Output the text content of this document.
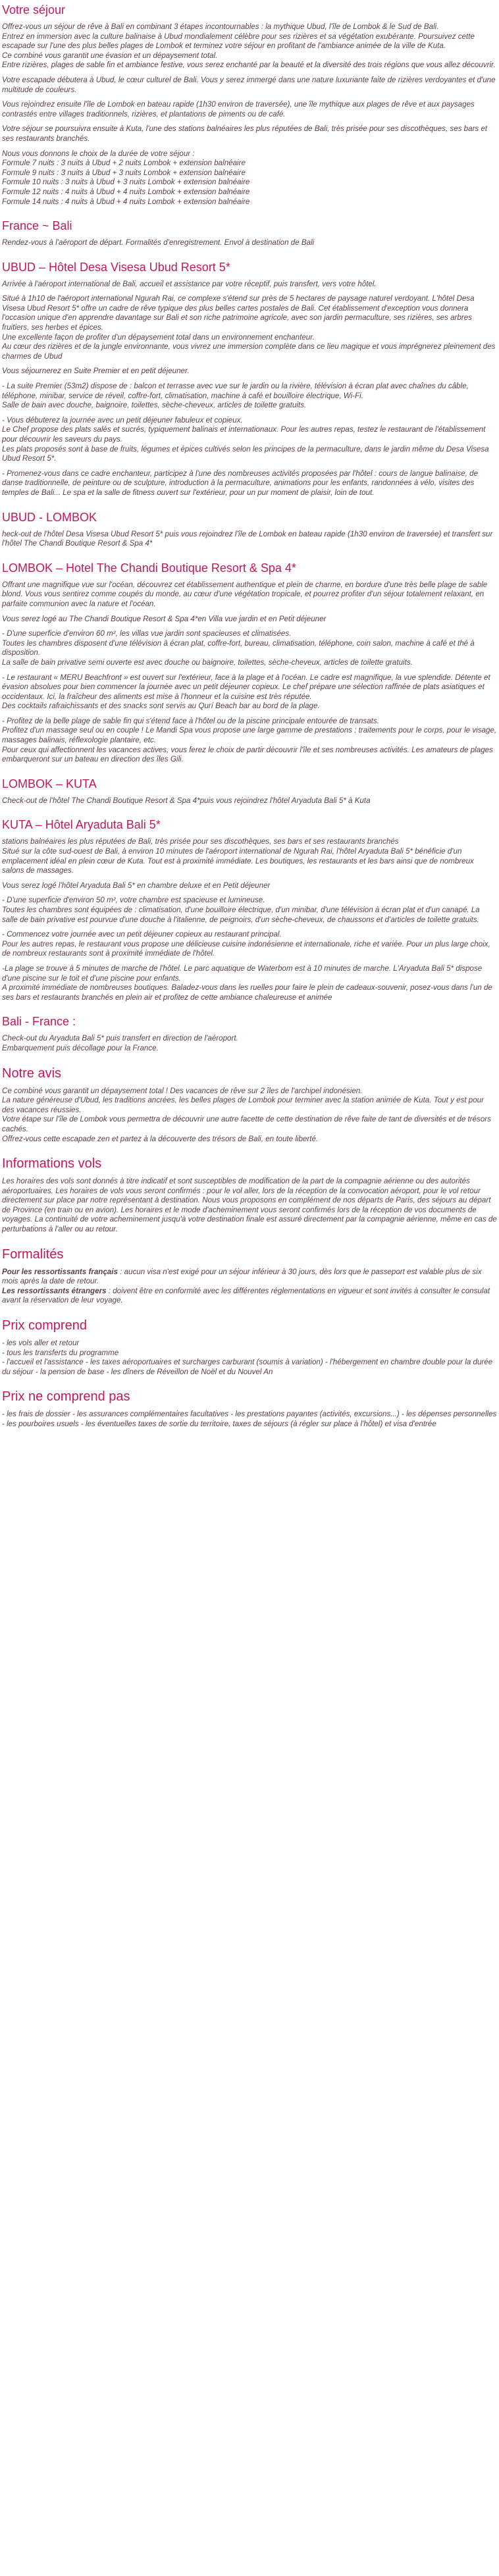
Votre séjour

Offrez-vous un séjour de rêve à Bali en combinant 3 étapes incontournables : la mythique Ubud, l'île de Lombok & le Sud de Bali.
Entrez en immersion avec la culture balinaise à Ubud mondialement célèbre pour ses rizières et sa végétation exubérante. Poursuivez cette escapade sur l'une des plus belles plages de Lombok et terminez votre séjour en profitant de l'ambiance animée de la ville de Kuta.
Ce combiné vous garantit une évasion et un dépaysement total.
Entre rizières, plages de sable fin et ambiance festive, vous serez enchanté par la beauté et la diversité des trois régions que vous allez découvrir.

Votre escapade débutera à Ubud, le cœur culturel de Bali. Vous y serez immergé dans une nature luxuriante faite de rizières verdoyantes et d'une multitude de couleurs.

Vous rejoindrez ensuite l'île de Lombok en bateau rapide (1h30 environ de traversée), une île mythique aux plages de rêve et aux paysages contrastés entre villages traditionnels, rizières, et plantations de piments ou de café.

Votre séjour se poursuivra ensuite à Kuta, l'une des stations balnéaires les plus réputées de Bali, très prisée pour ses discothèques, ses bars et ses restaurants branchés.

Nous vous donnons le choix de la durée de votre séjour :
Formule 7 nuits : 3 nuits à Ubud + 2 nuits Lombok + extension balnéaire
Formule 9 nuits : 3 nuits à Ubud + 3 nuits Lombok + extension balnéaire
Formule 10 nuits : 3 nuits à Ubud + 3 nuits Lombok + extension balnéaire
Formule 12 nuits : 4 nuits à Ubud + 4 nuits Lombok + extension balnéaire
Formule 14 nuits : 4 nuits à Ubud + 4 nuits Lombok + extension balnéaire

France ~ Bali

Rendez-vous à l'aéroport de départ. Formalités d'enregistrement. Envol à destination de Bali

UBUD – Hôtel Desa Visesa Ubud Resort 5*

Arrivée à l'aéroport international de Bali, accueil et assistance par votre réceptif, puis transfert, vers votre hôtel.

Situé à 1h10 de l'aéroport international Ngurah Rai, ce complexe s'étend sur près de 5 hectares de paysage naturel verdoyant. L'hôtel Desa Visesa Ubud Resort 5* offre un cadre de rêve typique des plus belles cartes postales de Bali. Cet établissement d'exception vous donnera l'occasion unique d'en apprendre davantage sur Bali et son riche patrimoine agricole, avec son jardin permaculture, ses rizières, ses arbres fruitiers, ses herbes et épices.
Une excellente façon de profiter d'un dépaysement total dans un environnement enchanteur.
Au cœur des rizières et de la jungle environnante, vous vivrez une immersion complète dans ce lieu magique et vous imprégnerez pleinement des charmes de Ubud

Vous séjournerez en Suite Premier et en petit déjeuner.

- La suite Premier (53m2) dispose de : balcon et terrasse avec vue sur le jardin ou la rivière, télévision à écran plat avec chaînes du câble, téléphone, minibar, service de réveil, coffre-fort, climatisation, machine à café et bouilloire électrique, Wi-Fi.
Salle de bain avec douche, baignoire, toilettes, sèche-cheveux, articles de toilette gratuits.

- Vous débuterez la journée avec un petit déjeuner fabuleux et copieux.
Le Chef propose des plats salés et sucrés, typiquement balinais et internationaux. Pour les autres repas, testez le restaurant de l'établissement pour découvrir les saveurs du pays.
Les plats proposés sont à base de fruits, légumes et épices cultivés selon les principes de la permaculture, dans le jardin même du Desa Visesa Ubud Resort 5*.

- Promenez-vous dans ce cadre enchanteur, participez à l'une des nombreuses activités proposées par l'hôtel : cours de langue balinaise, de danse traditionnelle, de peinture ou de sculpture, introduction à la permaculture, animations pour les enfants, randonnées à vélo, visites des temples de Bali... Le spa et la salle de fitness ouvert sur l'extérieur, pour un pur moment de plaisir, loin de tout.

UBUD - LOMBOK

heck-out de l'hôtel Desa Visesa Ubud Resort 5* puis vous rejoindrez l'île de Lombok en bateau rapide (1h30 environ de traversée) et transfert sur l'hôtel The Chandi Boutique Resort & Spa 4*

LOMBOK – Hotel The Chandi Boutique Resort & Spa 4*

Offrant une magnifique vue sur l'océan, découvrez cet établissement authentique et plein de charme, en bordure d'une très belle plage de sable blond. Vous vous sentirez comme coupés du monde, au cœur d'une végétation tropicale, et pourrez profiter d'un séjour totalement relaxant, en parfaite communion avec la nature et l'océan.

Vous serez logé au The Chandi Boutique Resort & Spa 4*en Villa vue jardin et en Petit déjeuner

- D'une superficie d'environ 60 m², les villas vue jardin sont spacieuses et climatisées.
Toutes les chambres disposent d'une télévision à écran plat, coffre-fort, bureau, climatisation, téléphone, coin salon, machine à café et thé à disposition.
La salle de bain privative semi ouverte est avec douche ou baignoire, toilettes, sèche-cheveux, articles de toilette gratuits.

- Le restaurant « MERU Beachfront » est ouvert sur l'extérieur, face à la plage et à l'océan. Le cadre est magnifique, la vue splendide. Détente et évasion absolues pour bien commencer la journée avec un petit déjeuner copieux. Le chef prépare une sélection raffinée de plats asiatiques et occidentaux. Ici, la fraîcheur des aliments est mise à l'honneur et la cuisine est très réputée.
Des cocktails rafraichissants et des snacks sont servis au Qurí Beach bar au bord de la plage.

- Profitez de la belle plage de sable fin qui s'étend face à l'hôtel ou de la piscine principale entourée de transats.
Profitez d'un massage seul ou en couple ! Le Mandi Spa vous propose une large gamme de prestations : traitements pour le corps, pour le visage, massages balinais, réflexologie plantaire, etc.
Pour ceux qui affectionnent les vacances actives, vous ferez le choix de partir découvrir l'île et ses nombreuses activités. Les amateurs de plages embarqueront sur un bateau en direction des îles Gili.

LOMBOK – KUTA

Check-out de l'hôtel The Chandi Boutique Resort & Spa 4*puis vous rejoindrez l'hôtel Aryaduta Bali 5* à Kuta

KUTA – Hôtel Aryaduta Bali 5*

stations balnéaires les plus réputées de Bali, très prisée pour ses discothèques, ses bars et ses restaurants branchés
Situé sur la côte sud-ouest de Bali, à environ 10 minutes de l'aéroport international de Ngurah Rai, l'hôtel Aryaduta Bali 5* bénéficie d'un emplacement idéal en plein cœur de Kuta. Tout est à proximité immédiate. Les boutiques, les restaurants et les bars ainsi que de nombreux salons de massages.

Vous serez logé l'hôtel Aryaduta Bali 5* en chambre deluxe et en Petit déjeuner

- D'une superficie d'environ 50 m², votre chambre est spacieuse et lumineuse.
Toutes les chambres sont équipées de : climatisation, d'une bouilloire électrique, d'un minibar, d'une télévision à écran plat et d'un canapé. La salle de bain privative est pourvue d'une douche à l'italienne, de peignoirs, d'un sèche-cheveux, de chaussons et d'articles de toilette gratuits.

- Commencez votre journée avec un petit déjeuner copieux au restaurant principal.
Pour les autres repas, le restaurant vous propose une délicieuse cuisine indonésienne et internationale, riche et variée. Pour un plus large choix, de nombreux restaurants sont à proximité immédiate de l'hôtel.

-La plage se trouve à 5 minutes de marche de l'hôtel. Le parc aquatique de Waterbom est à 10 minutes de marche. L'Aryaduta Bali 5* dispose d'une piscine sur le toit et d'une piscine pour enfants.
A proximité immédiate de nombreuses boutiques. Baladez-vous dans les ruelles pour faire le plein de cadeaux-souvenir, posez-vous dans l'un de ses bars et restaurants branchés en plein air et profitez de cette ambiance chaleureuse et animée

Bali - France :

Check-out du Aryaduta Bali 5* puis transfert en direction de l'aéroport.
Embarquement puis décollage pour la France.

Notre avis

Ce combiné vous garantit un dépaysement total ! Des vacances de rêve sur 2 îles de l'archipel indonésien.
La nature généreuse d'Ubud, les traditions ancrées, les belles plages de Lombok pour terminer avec la station animée de Kuta. Tout y est pour des vacances réussies.
Votre étape sur l'île de Lombok vous permettra de découvrir une autre facette de cette destination de rêve faite de tant de diversités et de trésors cachés.
Offrez-vous cette escapade zen et partez à la découverte des trésors de Bali, en toute liberté.

Informations vols

Les horaires des vols sont donnés à titre indicatif et sont susceptibles de modification de la part de la compagnie aérienne ou des autorités aéroportuaires. Les horaires de vols vous seront confirmés : pour le vol aller, lors de la réception de la convocation aéroport, pour le vol retour directement sur place par notre représentant à destination. Nous vous proposons en complément de nos départs de Paris, des séjours au départ de Province (en train ou en avion). Les horaires et le mode d'acheminement vous seront confirmés lors de la réception de vos documents de voyages. La continuité de votre acheminement jusqu'à votre destination finale est assuré directement par la compagnie aérienne, même en cas de perturbations à l'aller ou au retour.

Formalités

Pour les ressortissants français : aucun visa n'est exigé pour un séjour inférieur à 30 jours, dès lors que le passeport est valable plus de six mois après la date de retour.

Les ressortissants étrangers : doivent être en conformité avec les différentes réglementations en vigueur et sont invités à consulter le consulat avant la réservation de leur voyage.

Prix comprend

- les vols aller et retour
- tous les transferts du programme
- l'accueil et l'assistance - les taxes aéroportuaires et surcharges carburant (soumis à variation) - l'hébergement en chambre double pour la durée du séjour - la pension de base - les dîners de Réveillon de Noël et du Nouvel An

Prix ne comprend pas

- les frais de dossier - les assurances complémentaires facultatives - les prestations payantes (activités, excursions...) - les dépenses personnelles - les pourboires usuels - les éventuelles taxes de sortie du territoire, taxes de séjours (à régler sur place à l'hôtel) et visa d'entrée
